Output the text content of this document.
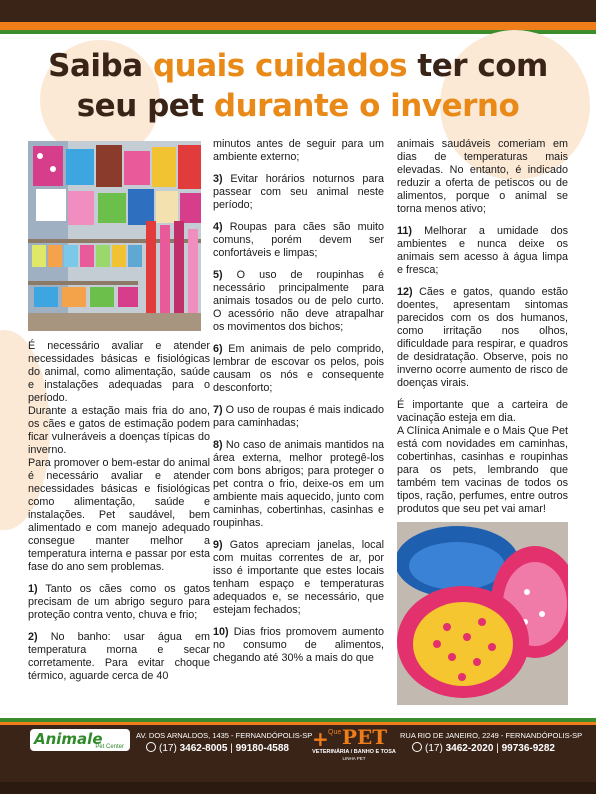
Saiba quais cuidados ter com
seu pet durante o inverno

É necessário avaliar e atender necessidades básicas e fisiológicas do animal, como alimentação, saúde e instalações adequadas para o período.

Durante a estação mais fria do ano, os cães e gatos de estimação podem ficar vulneráveis a doenças típicas do inverno.

Para promover o bem-estar do animal é necessário avaliar e atender necessidades básicas e fisiológicas como alimentação, saúde e instalações. Pet saudável, bem alimentado e com manejo adequado consegue manter melhor a temperatura interna e passar por esta fase do ano sem problemas.

1) Tanto os cães como os gatos precisam de um abrigo seguro para proteção contra vento, chuva e frio;

2) No banho: usar água em temperatura morna e secar corretamente. Para evitar choque térmico, aguarde cerca de 40

minutos antes de seguir para um ambiente externo;

3) Evitar horários noturnos para passear com seu animal neste período;

4) Roupas para cães são muito comuns, porém devem ser confortáveis e limpas;

5) O uso de roupinhas é necessário principalmente para animais tosados ou de pelo curto. O acessório não deve atrapalhar os movimentos dos bichos;

6) Em animais de pelo comprido, lembrar de escovar os pelos, pois causam os nós e consequente desconforto;

7) O uso de roupas é mais indicado para caminhadas;

8) No caso de animais mantidos na área externa, melhor protegê-los com bons abrigos; para proteger o pet contra o frio, deixe-os em um ambiente mais aquecido, junto com caminhas, cobertinhas, casinhas e roupinhas.

9) Gatos apreciam janelas, local com muitas correntes de ar, por isso é importante que estes locais tenham espaço e temperaturas adequados e, se necessário, que estejam fechados;

10) Dias frios promovem aumento no consumo de alimentos, chegando até 30% a mais do que

animais saudáveis comeriam em dias de temperaturas mais elevadas. No entanto, é indicado reduzir a oferta de petiscos ou de alimentos, porque o animal se torna menos ativo;

11) Melhorar a umidade dos ambientes e nunca deixe os animais sem acesso à água limpa e fresca;

12) Cães e gatos, quando estão doentes, apresentam sintomas parecidos com os dos humanos, como irritação nos olhos, dificuldade para respirar, e quadros de desidratação. Observe, pois no inverno ocorre aumento de risco de doenças virais.

É importante que a carteira de vacinação esteja em dia.

A Clínica Animale e o Mais Que Pet está com novidades em caminhas, cobertinhas, casinhas e roupinhas para os pets, lembrando que também tem vacinas de todos os tipos, ração, perfumes, entre outros produtos que seu pet vai amar!

Animale
Pet Center
AV. DOS ARNALDOS, 1435 - FERNANDÓPOLIS-SP
(17) 3462-8005 | 99180-4588 + Que PET
VETERINÁRIA / BANHO E TOSA
LINHA PET
RUA RIO DE JANEIRO, 2249 - FERNANDÓPOLIS-SP
(17) 3462-2020 | 99736-9282
